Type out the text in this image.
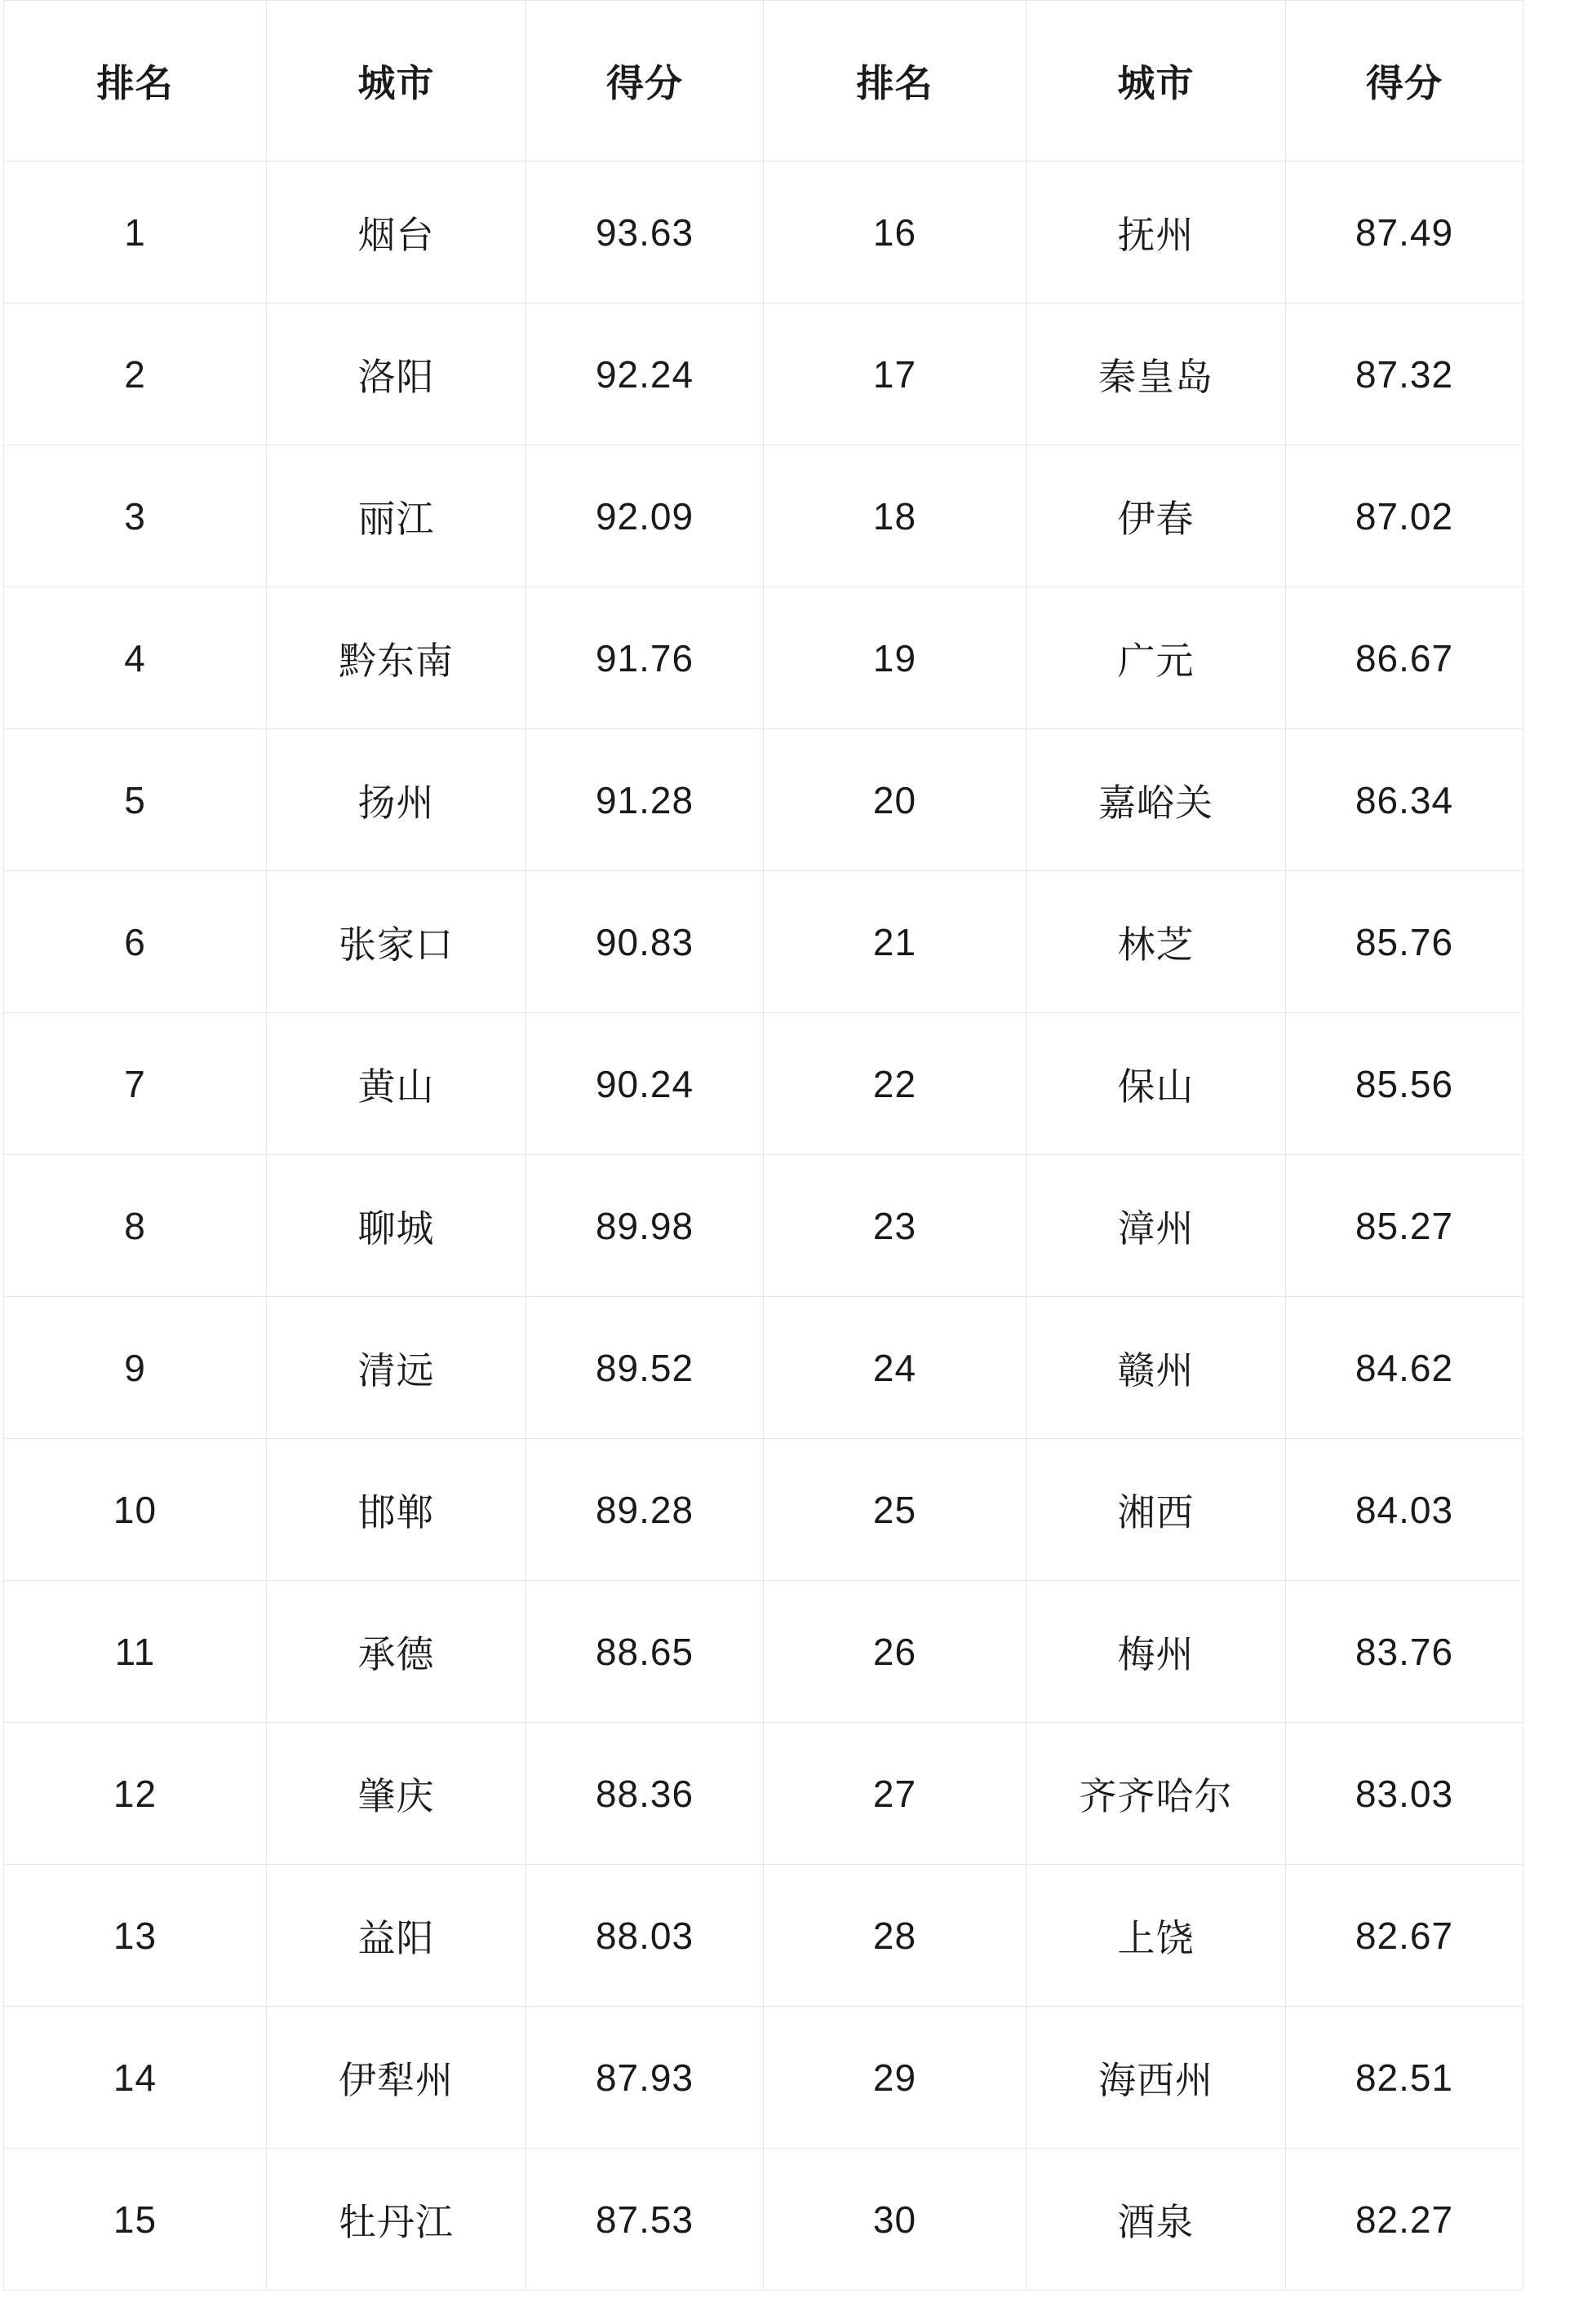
排名	城市	得分	排名	城市	得分
1	烟台	93.63	16	抚州	87.49
2	洛阳	92.24	17	秦皇岛	87.32
3	丽江	92.09	18	伊春	87.02
4	黔东南	91.76	19	广元	86.67
5	扬州	91.28	20	嘉峪关	86.34
6	张家口	90.83	21	林芝	85.76
7	黄山	90.24	22	保山	85.56
8	聊城	89.98	23	漳州	85.27
9	清远	89.52	24	赣州	84.62
10	邯郸	89.28	25	湘西	84.03
11	承德	88.65	26	梅州	83.76
12	肇庆	88.36	27	齐齐哈尔	83.03
13	益阳	88.03	28	上饶	82.67
14	伊犁州	87.93	29	海西州	82.51
15	牡丹江	87.53	30	酒泉	82.27
